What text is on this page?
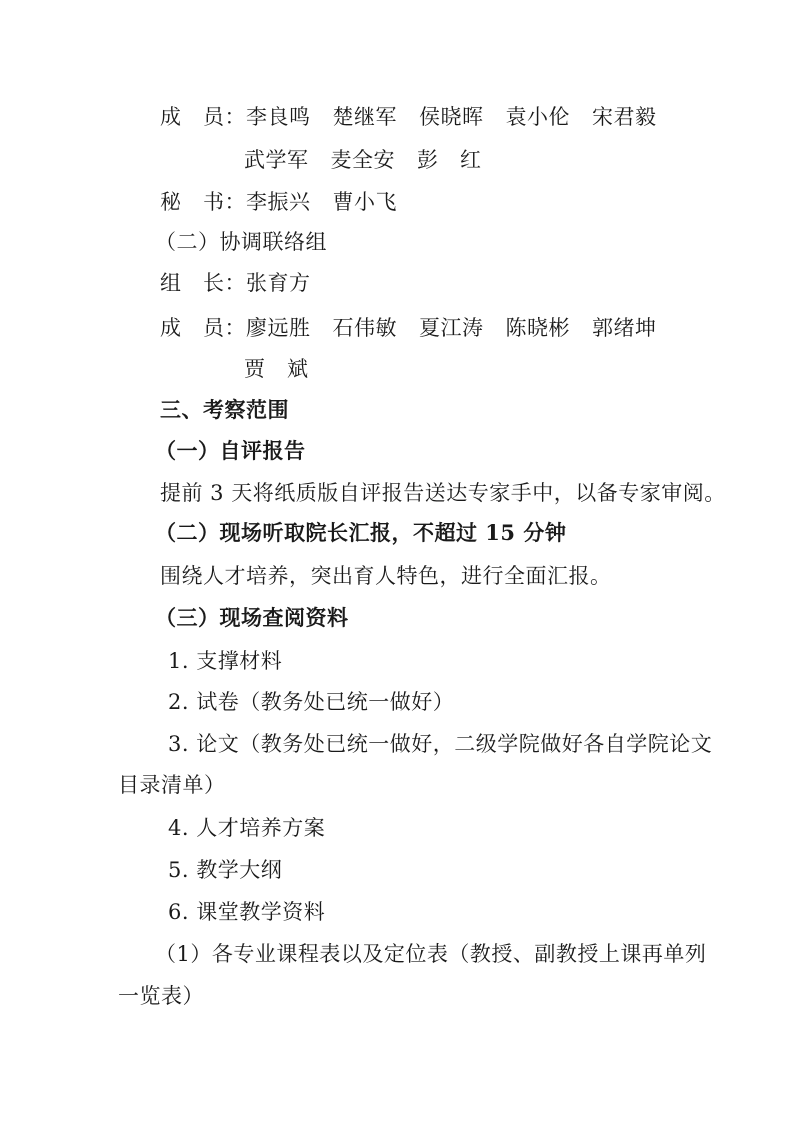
成　员：李良鸣 楚继军 侯晓晖 袁小伦 宋君毅
武学军 麦全安 彭　红
秘　书：李振兴 曹小飞
（二）协调联络组
组　长：张育方
成　员：廖远胜 石伟敏 夏江涛 陈晓彬 郭绪坤
贾　斌
三、考察范围
（一）自评报告
提前 3 天将纸质版自评报告送达专家手中，以备专家审阅。
（二）现场听取院长汇报，不超过 15 分钟
围绕人才培养，突出育人特色，进行全面汇报。
（三）现场查阅资料
1. 支撑材料
2. 试卷（教务处已统一做好）
3. 论文（教务处已统一做好，二级学院做好各自学院论文
目录清单）
4. 人才培养方案
5. 教学大纲
6. 课堂教学资料
（1）各专业课程表以及定位表（教授、副教授上课再单列
一览表）
